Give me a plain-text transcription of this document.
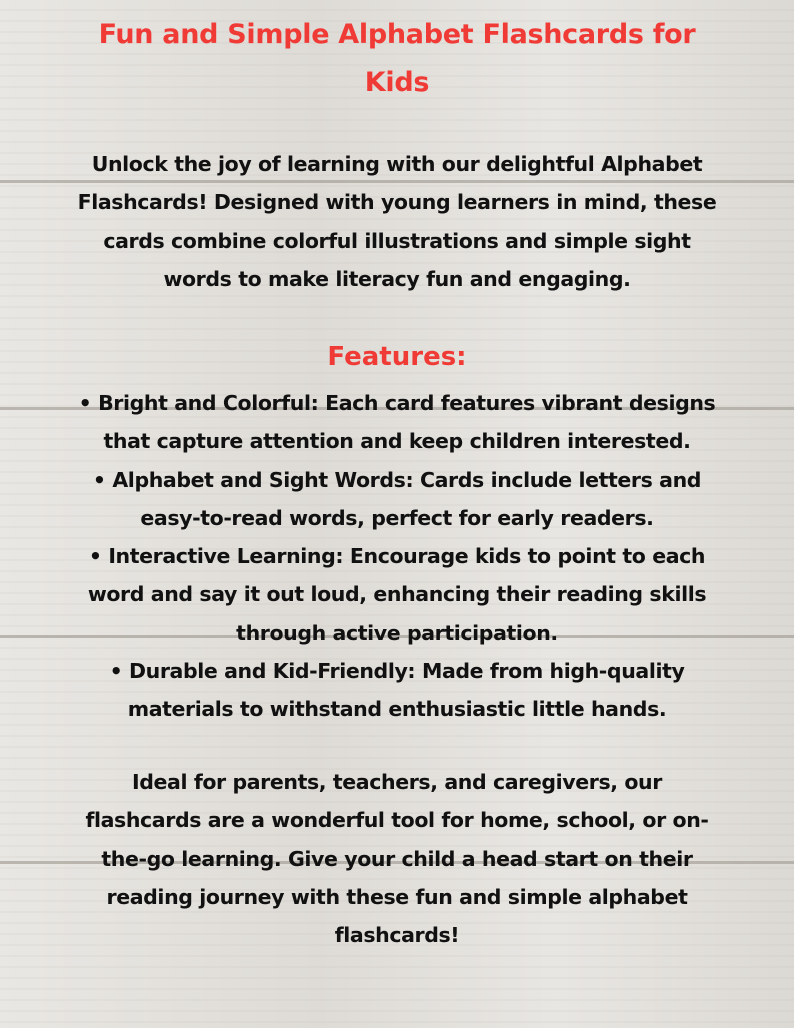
Fun and Simple Alphabet Flashcards for
Kids
Unlock the joy of learning with our delightful Alphabet
Flashcards! Designed with young learners in mind, these
cards combine colorful illustrations and simple sight
words to make literacy fun and engaging.
Features:
• Bright and Colorful: Each card features vibrant designs
that capture attention and keep children interested.
• Alphabet and Sight Words: Cards include letters and
easy-to-read words, perfect for early readers.
• Interactive Learning: Encourage kids to point to each
word and say it out loud, enhancing their reading skills
through active participation.
• Durable and Kid-Friendly: Made from high-quality
materials to withstand enthusiastic little hands.
Ideal for parents, teachers, and caregivers, our
flashcards are a wonderful tool for home, school, or on-
the-go learning. Give your child a head start on their
reading journey with these fun and simple alphabet
flashcards!
